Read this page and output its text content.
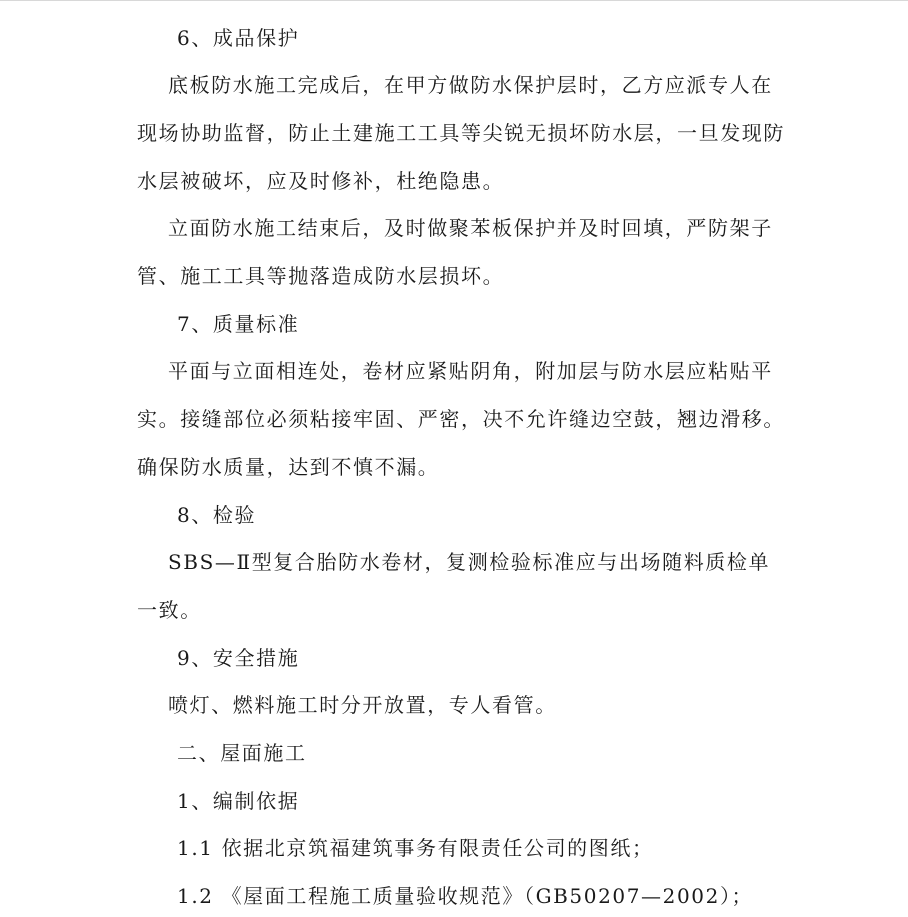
6、成品保护
底板防水施工完成后，在甲方做防水保护层时，乙方应派专人在
现场协助监督，防止土建施工工具等尖锐无损坏防水层，一旦发现防
水层被破坏，应及时修补，杜绝隐患。
立面防水施工结束后，及时做聚苯板保护并及时回填，严防架子
管、施工工具等抛落造成防水层损坏。
7、质量标准
平面与立面相连处，卷材应紧贴阴角，附加层与防水层应粘贴平
实。接缝部位必须粘接牢固、严密，决不允许缝边空鼓，翘边滑移。
确保防水质量，达到不慎不漏。
8、检验
SBS—Ⅱ型复合胎防水卷材，复测检验标准应与出场随料质检单
一致。
9、安全措施
喷灯、燃料施工时分开放置，专人看管。
二、屋面施工
1、编制依据
1.1 依据北京筑福建筑事务有限责任公司的图纸；
1.2 《屋面工程施工质量验收规范》（GB50207—2002）；
